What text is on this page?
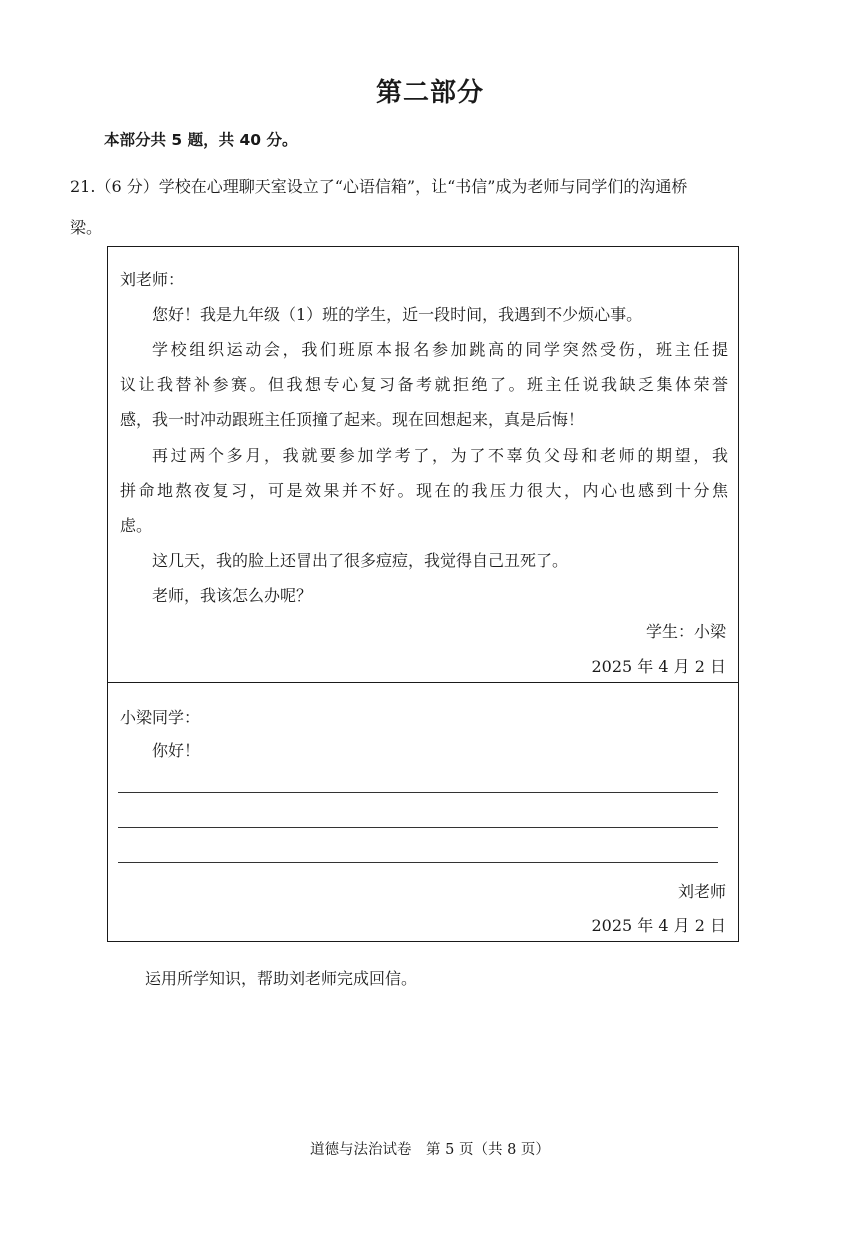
第二部分
本部分共 5 题，共 40 分。
21.（6 分）学校在心理聊天室设立了“心语信箱”，让“书信”成为老师与同学们的沟通桥
梁。
刘老师：
您好！我是九年级（1）班的学生，近一段时间，我遇到不少烦心事。
学校组织运动会，我们班原本报名参加跳高的同学突然受伤，班主任提
议让我替补参赛。但我想专心复习备考就拒绝了。班主任说我缺乏集体荣誉
感，我一时冲动跟班主任顶撞了起来。现在回想起来，真是后悔！
再过两个多月，我就要参加学考了，为了不辜负父母和老师的期望，我
拼命地熬夜复习，可是效果并不好。现在的我压力很大，内心也感到十分焦
虑。
这几天，我的脸上还冒出了很多痘痘，我觉得自己丑死了。
老师，我该怎么办呢？
学生：小梁
2025 年 4 月 2 日
小梁同学：
你好！
刘老师
2025 年 4 月 2 日
运用所学知识，帮助刘老师完成回信。
道德与法治试卷　第 5 页（共 8 页）
